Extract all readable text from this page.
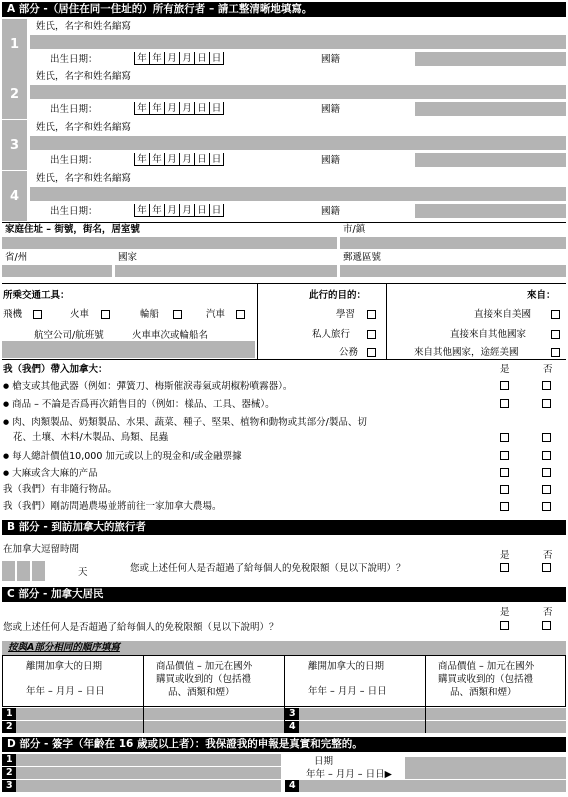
A 部分 -（居住在同一住址的）所有旅行者 – 請工整清晰地填寫。
1
姓氏，名字和姓名縮寫
出生日期：	年 年 月 月 日 日	國籍
2
姓氏，名字和姓名縮寫
出生日期：	年 年 月 月 日 日	國籍
3
姓氏，名字和姓名縮寫
出生日期：	年 年 月 月 日 日	國籍
4
姓氏，名字和姓名縮寫
出生日期：	年 年 月 月 日 日	國籍
家庭住址 – 街號，街名，居室號	市/鎮
省/州	國家	郵遞區號
所乘交通工具：
飛機	火車	輪船	汽車
航空公司/航班號	火車車次或輪船名
此行的目的：
學習
私人旅行
公務
來自：
直接來自美國
直接來自其他國家
來自其他國家，途經美國
我（我們）帶入加拿大：	是	否
● 槍支或其他武器（例如：彈簧刀、梅斯催淚毒氣或胡椒粉噴霧器）。
● 商品 – 不論是否爲再次銷售目的（例如：樣品、工具、器械）。
● 肉、肉類製品、奶類製品、水果、蔬菜、種子、堅果、植物和動物或其部分/製品、切
花、土壤、木料/木製品、鳥類、昆蟲
● 每人總計價值10,000 加元或以上的現金和/或金融票據
● 大麻或含大麻的产品
我（我們）有非隨行物品。
我（我們）剛訪問過農場並將前往一家加拿大農場。
B 部分 - 到訪加拿大的旅行者
在加拿大逗留時間
天	您或上述任何人是否超過了給每個人的免稅限額（見以下說明）？
是	否
C 部分 - 加拿大居民
是	否
您或上述任何人是否超過了給每個人的免稅限額（見以下說明）？
按與A部分相同的順序填寫
離開加拿大的日期
年年 – 月月 – 日日
商品價值 – 加元在國外
購買或收到的（包括禮
品、酒類和煙）
離開加拿大的日期
年年 – 月月 – 日日
商品價值 – 加元在國外
購買或收到的（包括禮
品、酒類和煙）
1	3
2	4
D 部分 - 簽字（年齡在 16 歲或以上者）：我保證我的申報是真實和完整的。
1
2
3	4
日期
年年 – 月月 – 日日▶
